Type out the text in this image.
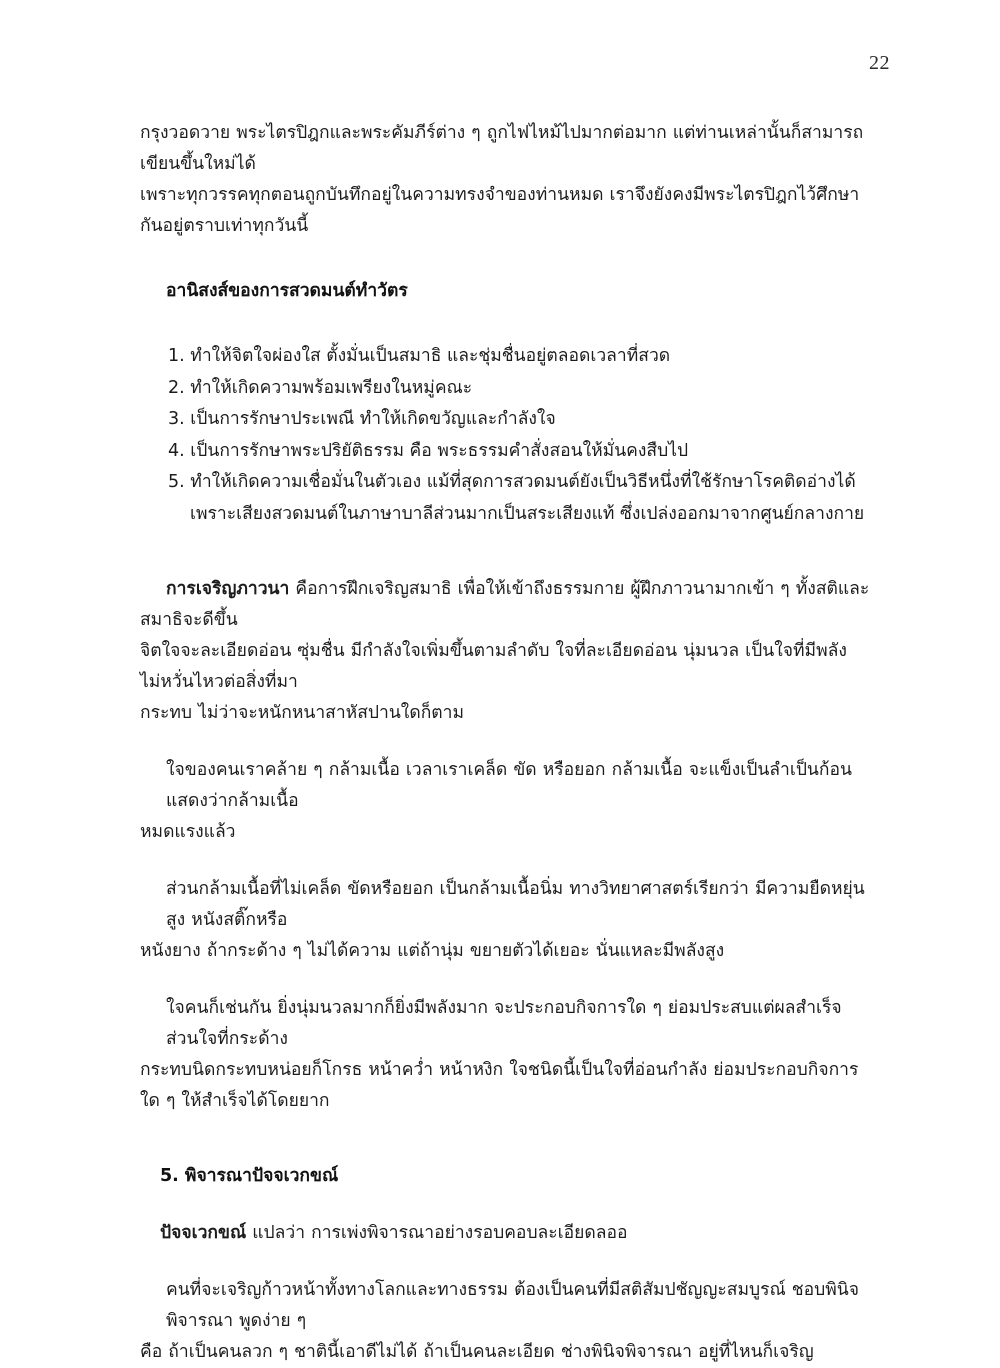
22

กรุงวอดวาย พระไตรปิฎกและพระคัมภีร์ต่าง ๆ ถูกไฟไหม้ไปมากต่อมาก แต่ท่านเหล่านั้นก็สามารถเขียนขึ้นใหม่ได้
เพราะทุกวรรคทุกตอนถูกบันทึกอยู่ในความทรงจำของท่านหมด เราจึงยังคงมีพระไตรปิฎกไว้ศึกษากันอยู่ตราบเท่าทุกวันนี้

อานิสงส์ของการสวดมนต์ทำวัตร

1. ทำให้จิตใจผ่องใส ตั้งมั่นเป็นสมาธิ และชุ่มชื่นอยู่ตลอดเวลาที่สวด
2. ทำให้เกิดความพร้อมเพรียงในหมู่คณะ
3. เป็นการรักษาประเพณี ทำให้เกิดขวัญและกำลังใจ
4. เป็นการรักษาพระปริยัติธรรม คือ พระธรรมคำสั่งสอนให้มั่นคงสืบไป
5. ทำให้เกิดความเชื่อมั่นในตัวเอง แม้ที่สุดการสวดมนต์ยังเป็นวิธีหนึ่งที่ใช้รักษาโรคติดอ่างได้
เพราะเสียงสวดมนต์ในภาษาบาลีส่วนมากเป็นสระเสียงแท้ ซึ่งเปล่งออกมาจากศูนย์กลางกาย

การเจริญภาวนา คือการฝึกเจริญสมาธิ เพื่อให้เข้าถึงธรรมกาย ผู้ฝึกภาวนามากเข้า ๆ ทั้งสติและสมาธิจะดีขึ้น
จิตใจจะละเอียดอ่อน ซุ่มชื่น มีกำลังใจเพิ่มขึ้นตามลำดับ ใจที่ละเอียดอ่อน นุ่มนวล เป็นใจที่มีพลัง ไม่หวั่นไหวต่อสิ่งที่มา
กระทบ ไม่ว่าจะหนักหนาสาหัสปานใดก็ตาม

ใจของคนเราคล้าย ๆ กล้ามเนื้อ เวลาเราเคล็ด ขัด หรือยอก กล้ามเนื้อ จะแข็งเป็นลำเป็นก้อน แสดงว่ากล้ามเนื้อ
หมดแรงแล้ว

ส่วนกล้ามเนื้อที่ไม่เคล็ด ขัดหรือยอก เป็นกล้ามเนื้อนิ่ม ทางวิทยาศาสตร์เรียกว่า มีความยืดหยุ่นสูง หนังสติ๊กหรือ
หนังยาง ถ้ากระด้าง ๆ ไม่ได้ความ แต่ถ้านุ่ม ขยายตัวได้เยอะ นั่นแหละมีพลังสูง

ใจคนก็เช่นกัน ยิ่งนุ่มนวลมากก็ยิ่งมีพลังมาก จะประกอบกิจการใด ๆ ย่อมประสบแต่ผลสำเร็จ ส่วนใจที่กระด้าง
กระทบนิดกระทบหน่อยก็โกรธ หน้าคว่ำ หน้าหงิก ใจชนิดนี้เป็นใจที่อ่อนกำลัง ย่อมประกอบกิจการใด ๆ ให้สำเร็จได้โดยยาก

5. พิจารณาปัจจเวกขณ์

ปัจจเวกขณ์ แปลว่า การเพ่งพิจารณาอย่างรอบคอบละเอียดลออ

คนที่จะเจริญก้าวหน้าทั้งทางโลกและทางธรรม ต้องเป็นคนที่มีสติสัมปชัญญะสมบูรณ์ ชอบพินิจพิจารณา พูดง่าย ๆ
คือ ถ้าเป็นคนลวก ๆ ชาตินี้เอาดีไม่ได้ ถ้าเป็นคนละเอียด ช่างพินิจพิจารณา อยู่ที่ไหนก็เจริญ
